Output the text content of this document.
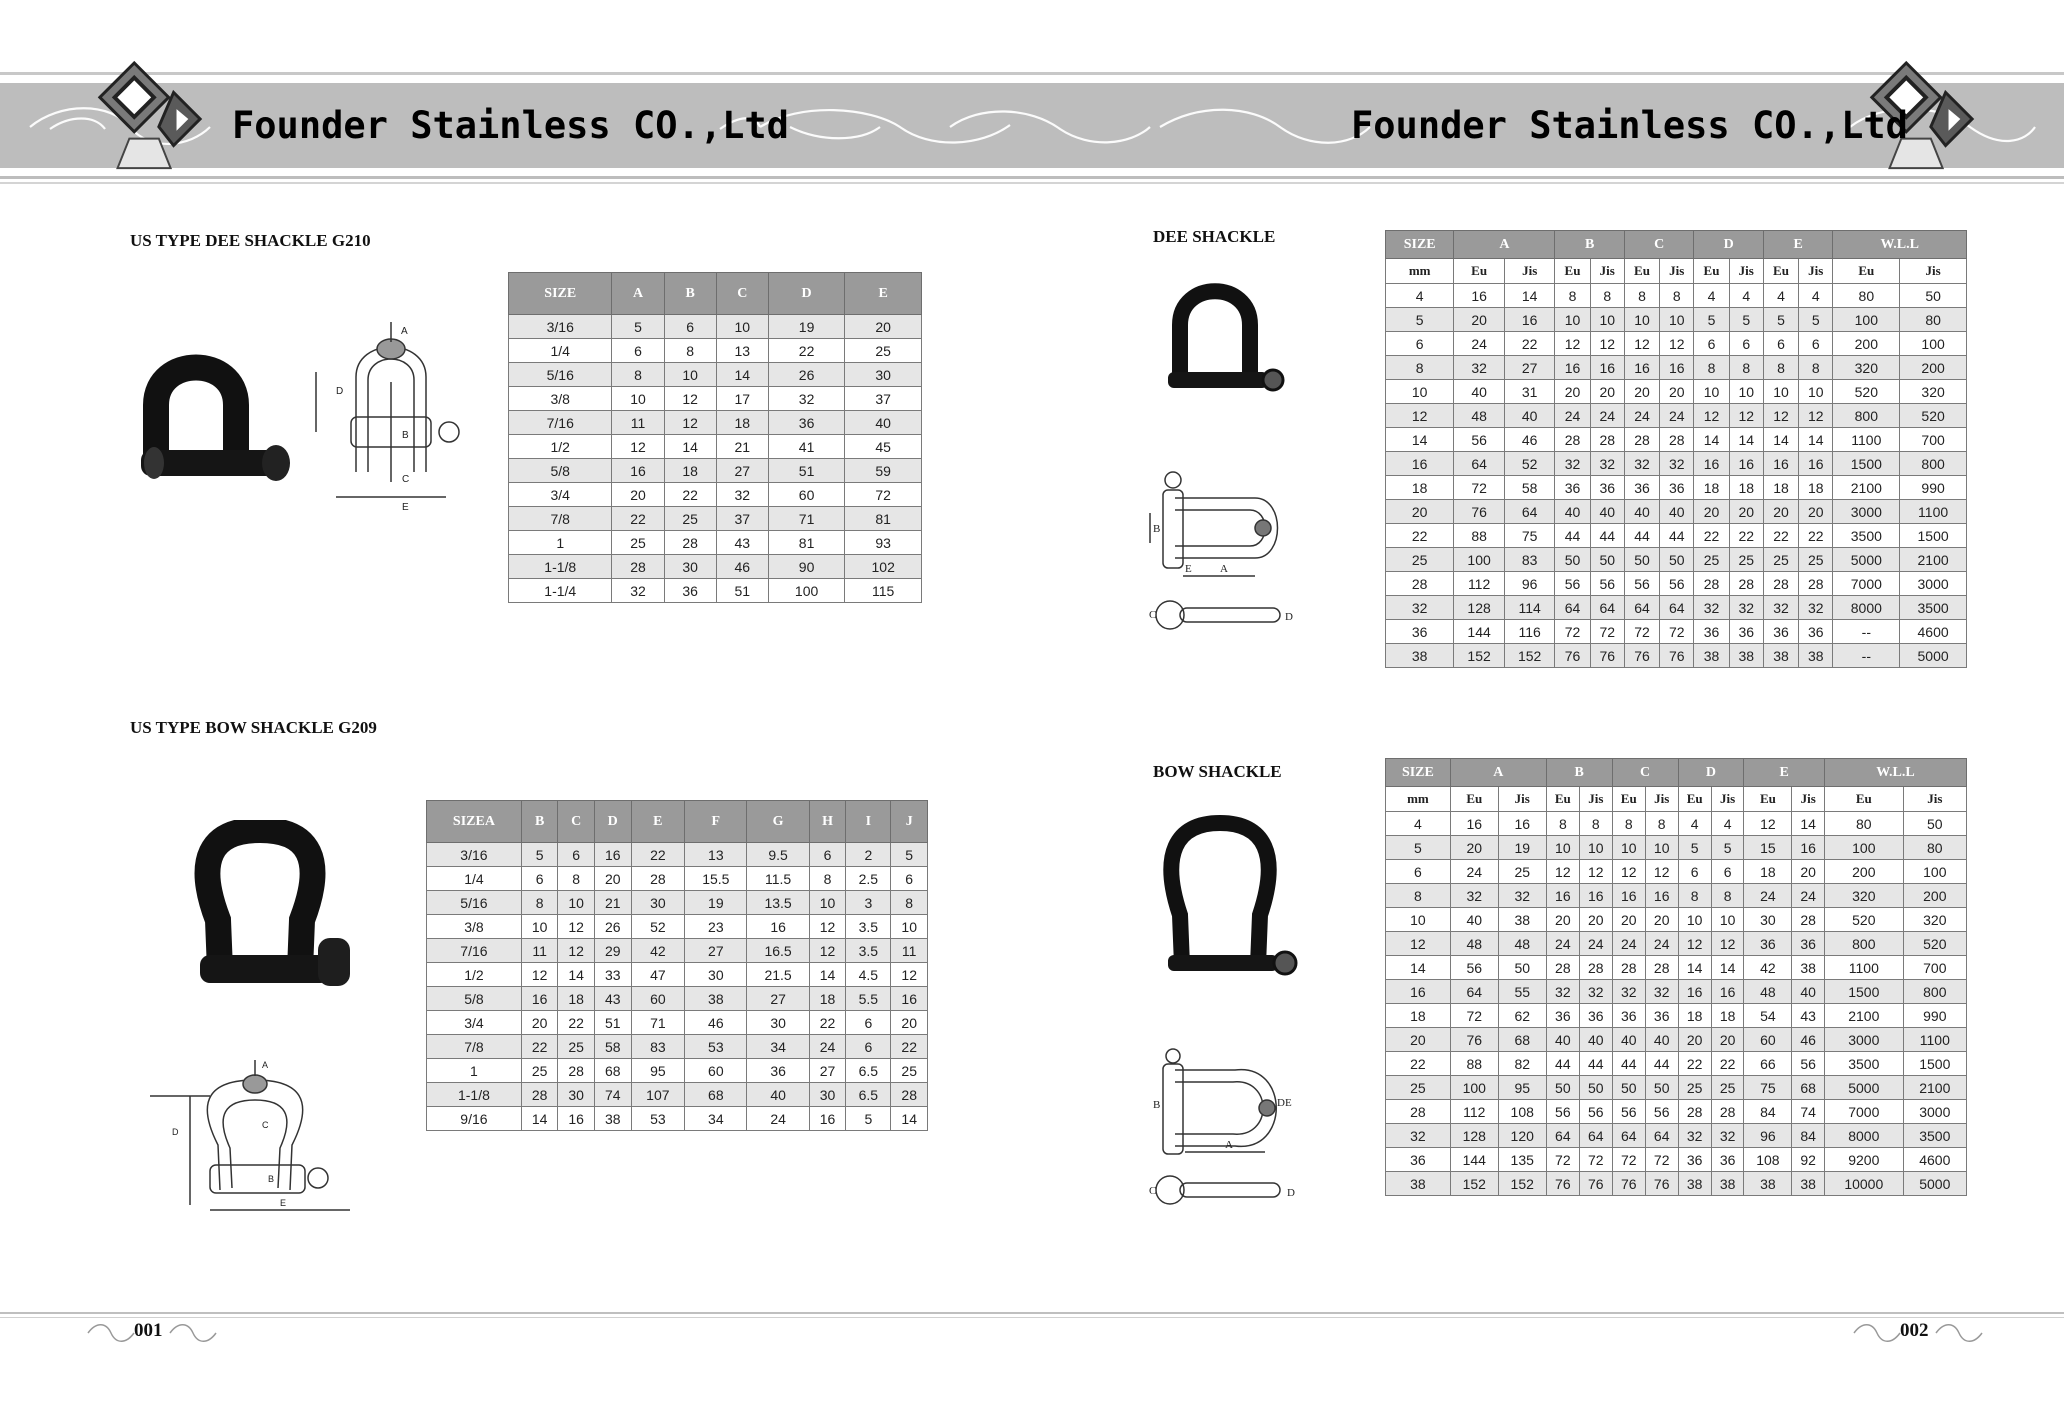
Founder Stainless CO.,Ltd	Founder Stainless CO.,Ltd
US TYPE DEE SHACKLE G210
US TYPE BOW SHACKLE G209
DEE SHACKLE
BOW SHACKLE
A
D
B
C
E
D
C
B
A
E
B
E	A
C	D
B	D E
A
C	D
SIZE	A	B	C	D	E
3/16	5	6	10	19	20
1/4	6	8	13	22	25
5/16	8	10	14	26	30
3/8	10	12	17	32	37
7/16	11	12	18	36	40
1/2	12	14	21	41	45
5/8	16	18	27	51	59
3/4	20	22	32	60	72
7/8	22	25	37	71	81
1	25	28	43	81	93
1-1/8	28	30	46	90	102
1-1/4	32	36	51	100	115
SIZEA	B	C	D	E	F	G	H	I	J
3/16	5	6	16	22	13	9.5	6	2	5
1/4	6	8	20	28	15.5	11.5	8	2.5	6
5/16	8	10	21	30	19	13.5	10	3	8
3/8	10	12	26	52	23	16	12	3.5	10
7/16	11	12	29	42	27	16.5	12	3.5	11
1/2	12	14	33	47	30	21.5	14	4.5	12
5/8	16	18	43	60	38	27	18	5.5	16
3/4	20	22	51	71	46	30	22	6	20
7/8	22	25	58	83	53	34	24	6	22
1	25	28	68	95	60	36	27	6.5	25
1-1/8	28	30	74	107	68	40	30	6.5	28
9/16	14	16	38	53	34	24	16	5	14
SIZE	A		B		C		D		E		W.L.L	
mm	Eu	Jis	Eu	Jis	Eu	Jis	Eu	Jis	Eu	Jis	Eu	Jis
4	16	14	8	8	8	8	4	4	4	4	80	50
5	20	16	10	10	10	10	5	5	5	5	100	80
6	24	22	12	12	12	12	6	6	6	6	200	100
8	32	27	16	16	16	16	8	8	8	8	320	200
10	40	31	20	20	20	20	10	10	10	10	520	320
12	48	40	24	24	24	24	12	12	12	12	800	520
14	56	46	28	28	28	28	14	14	14	14	1100	700
16	64	52	32	32	32	32	16	16	16	16	1500	800
18	72	58	36	36	36	36	18	18	18	18	2100	990
20	76	64	40	40	40	40	20	20	20	20	3000	1100
22	88	75	44	44	44	44	22	22	22	22	3500	1500
25	100	83	50	50	50	50	25	25	25	25	5000	2100
28	112	96	56	56	56	56	28	28	28	28	7000	3000
32	128	114	64	64	64	64	32	32	32	32	8000	3500
36	144	116	72	72	72	72	36	36	36	36	--	4600
38	152	152	76	76	76	76	38	38	38	38	--	5000
SIZE	A		B		C		D		E		W.L.L	
mm	Eu	Jis	Eu	Jis	Eu	Jis	Eu	Jis	Eu	Jis	Eu	Jis
4	16	16	8	8	8	8	4	4	12	14	80	50
5	20	19	10	10	10	10	5	5	15	16	100	80
6	24	25	12	12	12	12	6	6	18	20	200	100
8	32	32	16	16	16	16	8	8	24	24	320	200
10	40	38	20	20	20	20	10	10	30	28	520	320
12	48	48	24	24	24	24	12	12	36	36	800	520
14	56	50	28	28	28	28	14	14	42	38	1100	700
16	64	55	32	32	32	32	16	16	48	40	1500	800
18	72	62	36	36	36	36	18	18	54	43	2100	990
20	76	68	40	40	40	40	20	20	60	46	3000	1100
22	88	82	44	44	44	44	22	22	66	56	3500	1500
25	100	95	50	50	50	50	25	25	75	68	5000	2100
28	112	108	56	56	56	56	28	28	84	74	7000	3000
32	128	120	64	64	64	64	32	32	96	84	8000	3500
36	144	135	72	72	72	72	36	36	108	92	9200	4600
38	152	152	76	76	76	76	38	38	38	38	10000	5000
001	002
